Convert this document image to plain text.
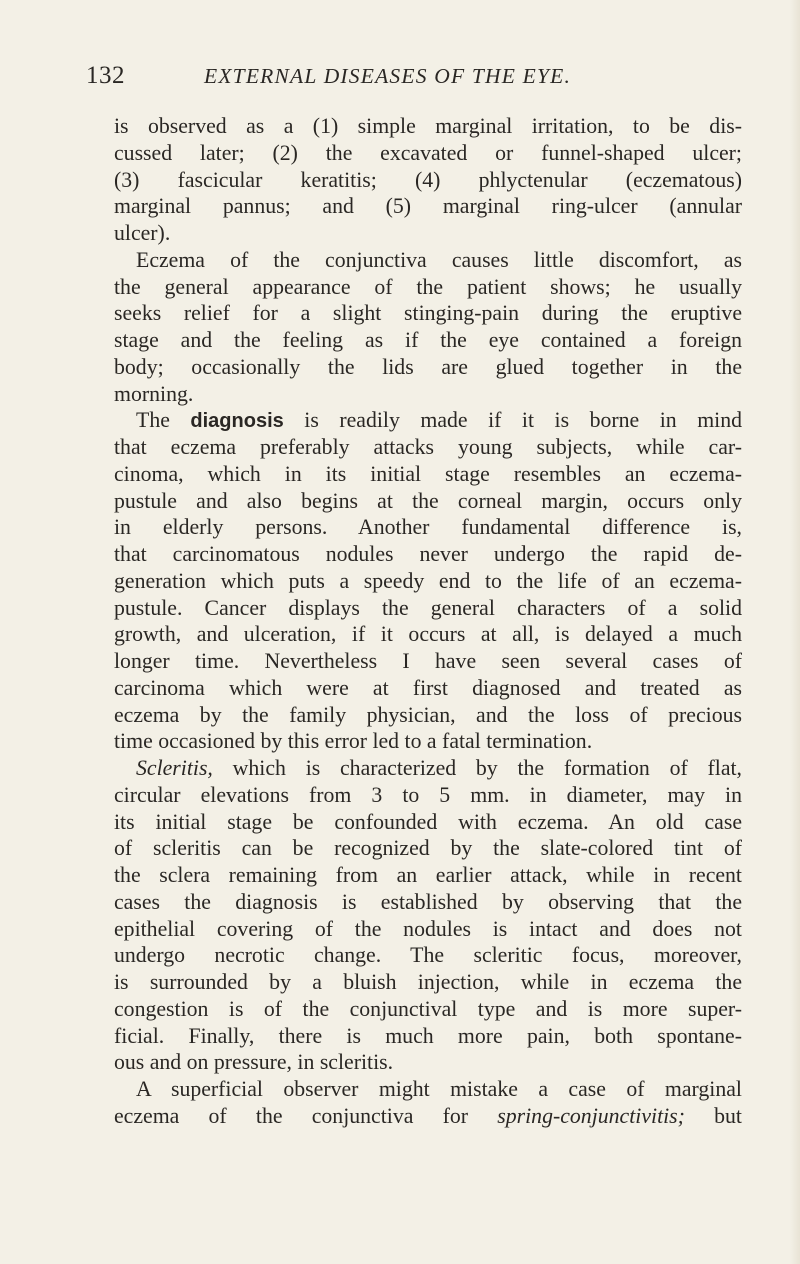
132	EXTERNAL DISEASES OF THE EYE.
is observed as a (1) simple marginal irritation, to be dis-
cussed later; (2) the excavated or funnel-shaped ulcer;
(3) fascicular keratitis; (4) phlyctenular (eczematous)
marginal pannus; and (5) marginal ring-ulcer (annular
ulcer).
Eczema of the conjunctiva causes little discomfort, as
the general appearance of the patient shows; he usually
seeks relief for a slight stinging-pain during the eruptive
stage and the feeling as if the eye contained a foreign
body; occasionally the lids are glued together in the
morning.
The diagnosis is readily made if it is borne in mind
that eczema preferably attacks young subjects, while car-
cinoma, which in its initial stage resembles an eczema-
pustule and also begins at the corneal margin, occurs only
in elderly persons. Another fundamental difference is,
that carcinomatous nodules never undergo the rapid de-
generation which puts a speedy end to the life of an eczema-
pustule. Cancer displays the general characters of a solid
growth, and ulceration, if it occurs at all, is delayed a much
longer time. Nevertheless I have seen several cases of
carcinoma which were at first diagnosed and treated as
eczema by the family physician, and the loss of precious
time occasioned by this error led to a fatal termination.
Scleritis, which is characterized by the formation of flat,
circular elevations from 3 to 5 mm. in diameter, may in
its initial stage be confounded with eczema. An old case
of scleritis can be recognized by the slate-colored tint of
the sclera remaining from an earlier attack, while in recent
cases the diagnosis is established by observing that the
epithelial covering of the nodules is intact and does not
undergo necrotic change. The scleritic focus, moreover,
is surrounded by a bluish injection, while in eczema the
congestion is of the conjunctival type and is more super-
ficial. Finally, there is much more pain, both spontane-
ous and on pressure, in scleritis.
A superficial observer might mistake a case of marginal
eczema of the conjunctiva for spring-conjunctivitis; but
